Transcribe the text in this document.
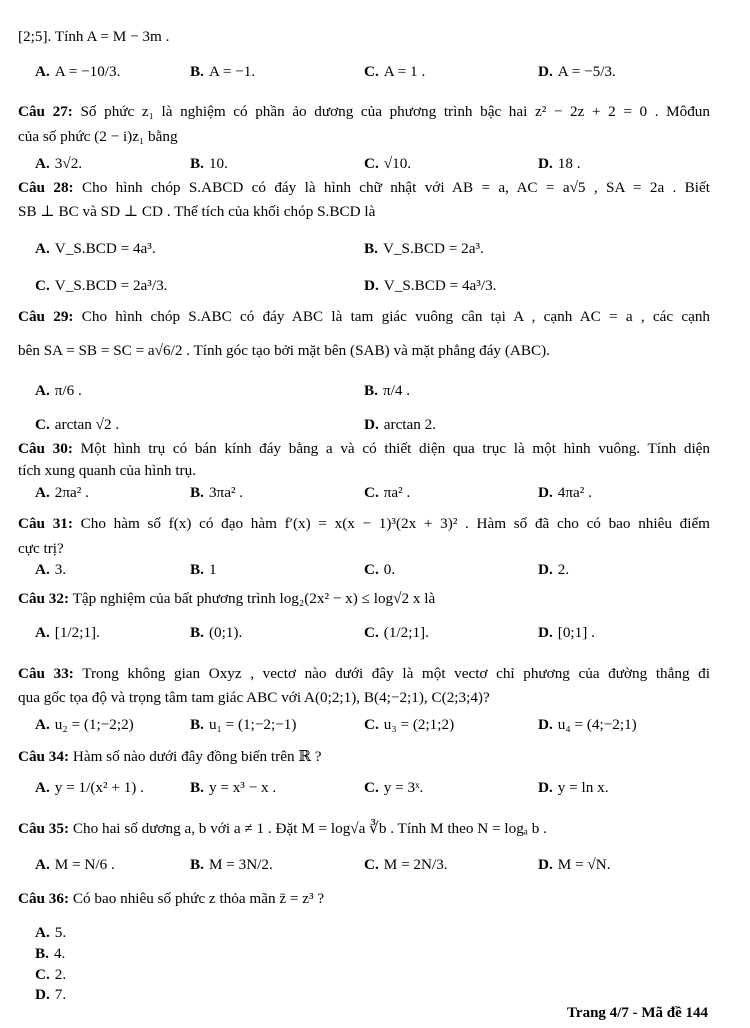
[2;5]. Tính A = M − 3m .
A. A = −10/3.	B. A = −1.	C. A = 1 .	D. A = −5/3.
Câu 27: Số phức z₁ là nghiệm có phần ảo dương của phương trình bậc hai z² − 2z + 2 = 0 . Môđun
của số phức (2 − i)z₁ bằng
A. 3√2.	B. 10.	C. √10.	D. 18 .
Câu 28: Cho hình chóp S.ABCD có đáy là hình chữ nhật với AB = a, AC = a√5 , SA = 2a . Biết
SB ⊥ BC và SD ⊥ CD . Thể tích của khối chóp S.BCD là
A. V_S.BCD = 4a³.	B. V_S.BCD = 2a³.
C. V_S.BCD = 2a³/3.	D. V_S.BCD = 4a³/3.
Câu 29: Cho hình chóp S.ABC có đáy ABC là tam giác vuông cân tại A , cạnh AC = a , các cạnh
bên SA = SB = SC = a√6/2 . Tính góc tạo bởi mặt bên (SAB) và mặt phẳng đáy (ABC).
A. π/6 .	B. π/4 .
C. arctan √2 .	D. arctan 2.
Câu 30: Một hình trụ có bán kính đáy bằng a và có thiết diện qua trục là một hình vuông. Tính diện
tích xung quanh của hình trụ.
A. 2πa² .	B. 3πa² .	C. πa² .	D. 4πa² .
Câu 31: Cho hàm số f(x) có đạo hàm f′(x) = x(x − 1)³(2x + 3)² . Hàm số đã cho có bao nhiêu điểm
cực trị?
A. 3.	B. 1	C. 0.	D. 2.
Câu 32: Tập nghiệm của bất phương trình log₂(2x² − x) ≤ log√2 x là
A. [1/2;1].	B. (0;1).	C. (1/2;1].	D. [0;1] .
Câu 33: Trong không gian Oxyz , vectơ nào dưới đây là một vectơ chỉ phương của đường thẳng đi
qua gốc tọa độ và trọng tâm tam giác ABC với A(0;2;1), B(4;−2;1), C(2;3;4)?
A. u₂ = (1;−2;2)	B. u₁ = (1;−2;−1)	C. u₃ = (2;1;2)	D. u₄ = (4;−2;1)
Câu 34: Hàm số nào dưới đây đồng biến trên ℝ ?
A. y = 1/(x² + 1) .	B. y = x³ − x .	C. y = 3ˣ.	D. y = ln x.
Câu 35: Cho hai số dương a, b với a ≠ 1 . Đặt M = log√a ∛b . Tính M theo N = logₐ b .
A. M = N/6 .	B. M = 3N/2.	C. M = 2N/3.	D. M = √N.
Câu 36: Có bao nhiêu số phức z thỏa mãn z̄ = z³ ?
A. 5.
B. 4.
C. 2.
D. 7.
Trang 4/7 - Mã đề 144
